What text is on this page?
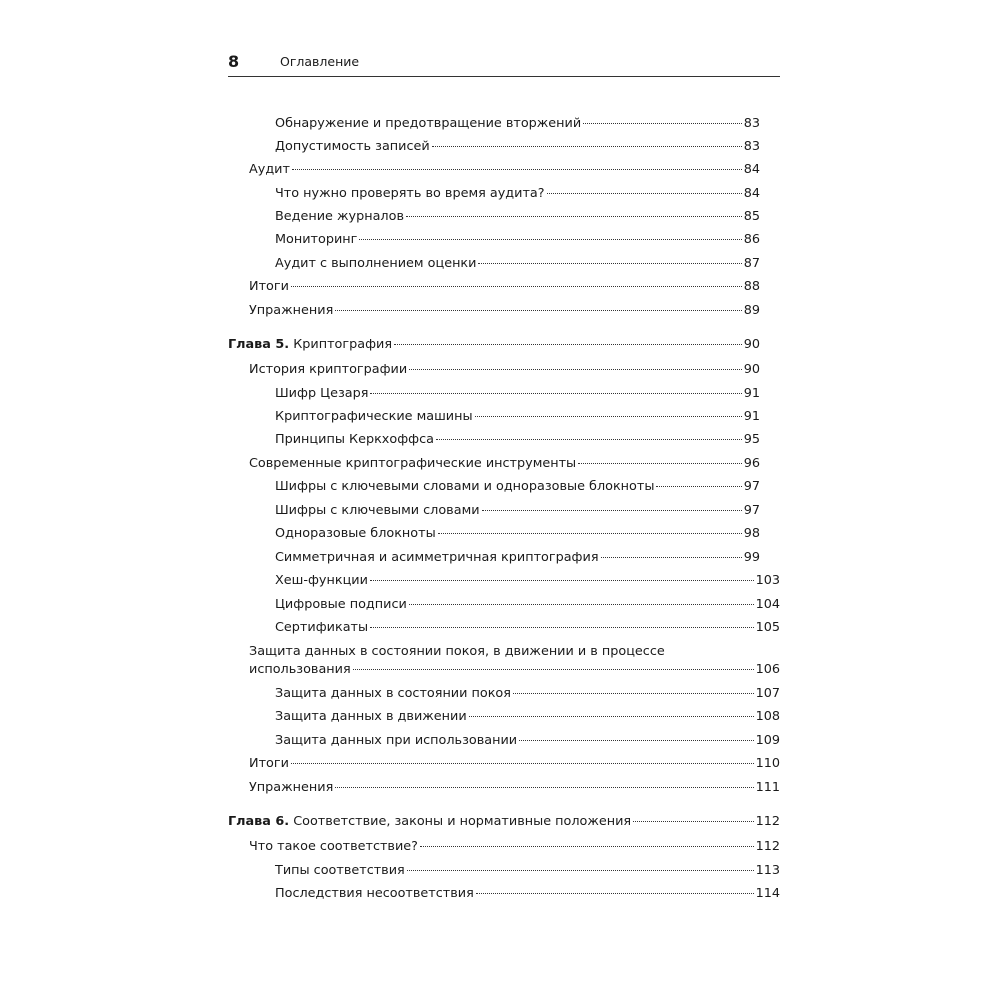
8	Оглавление
Обнаружение и предотвращение вторжений	83
Допустимость записей	83
Аудит	84
Что нужно проверять во время аудита?	84
Ведение журналов	85
Мониторинг	86
Аудит с выполнением оценки	87
Итоги	88
Упражнения	89
Глава 5. Криптография	90
История криптографии	90
Шифр Цезаря	91
Криптографические машины	91
Принципы Керкхоффса	95
Современные криптографические инструменты	96
Шифры с ключевыми словами и одноразовые блокноты	97
Шифры с ключевыми словами	97
Одноразовые блокноты	98
Симметричная и асимметричная криптография	99
Хеш-функции	103
Цифровые подписи	104
Сертификаты	105
Защита данных в состоянии покоя, в движении и в процессе
использования	106
Защита данных в состоянии покоя	107
Защита данных в движении	108
Защита данных при использовании	109
Итоги	110
Упражнения	111
Глава 6. Соответствие, законы и нормативные положения	112
Что такое соответствие?	112
Типы соответствия	113
Последствия несоответствия	114
